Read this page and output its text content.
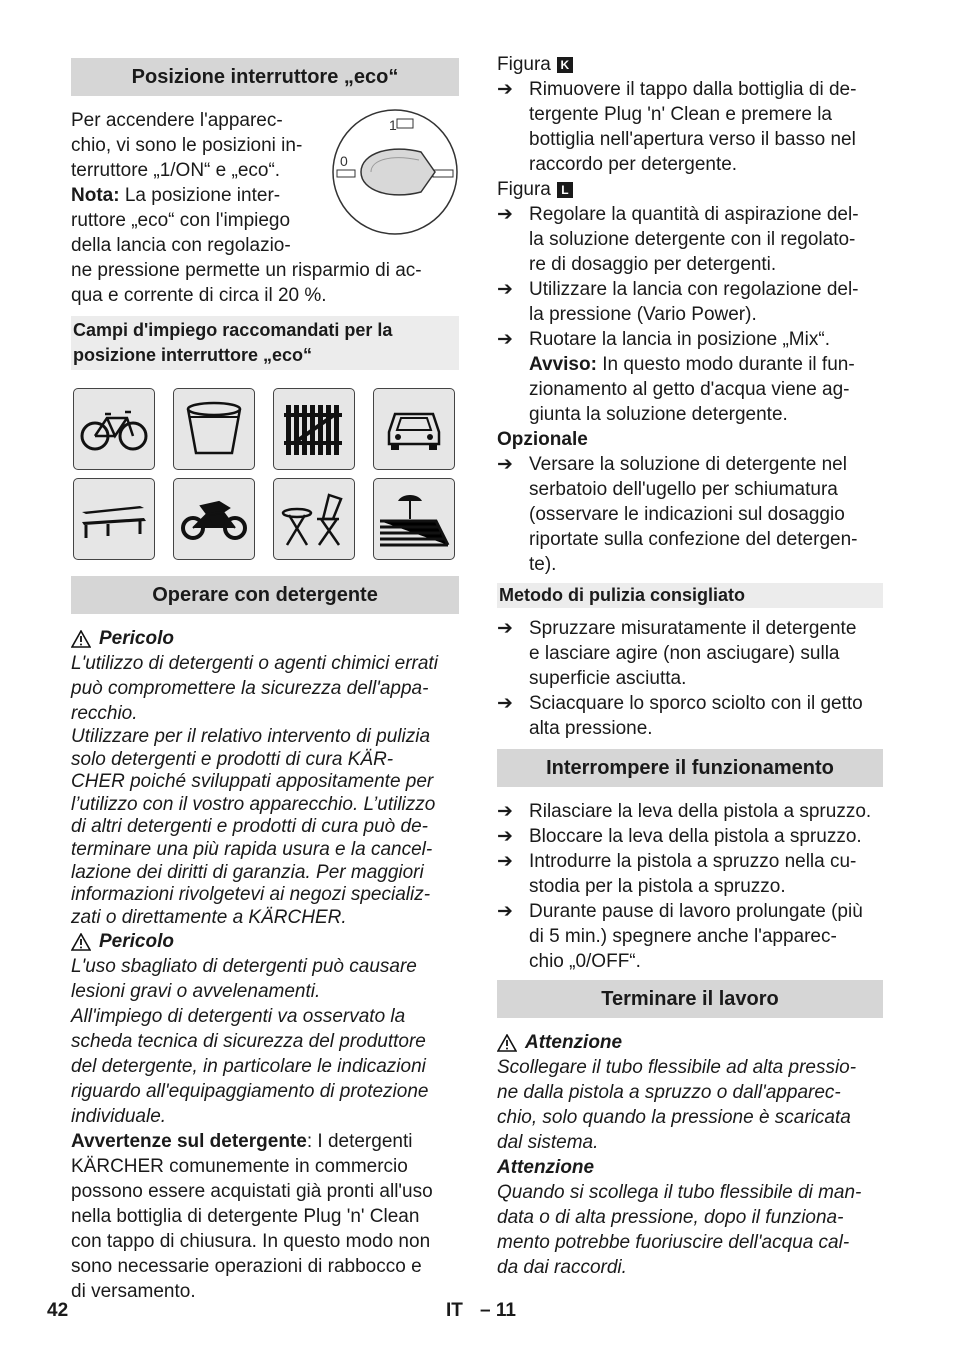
Posizione interruttore „eco“
1
0

Per accendere l'apparec-

chio, vi sono le posizioni in-

terruttore „1/ON“ e „eco“.

Nota: La posizione inter-

ruttore „eco“ con l'impiego

della lancia con regolazio-

ne pressione permette un risparmio di ac-

qua e corrente di circa il 20 %.

Campi d'impiego raccomandati per la
posizione interruttore „eco“
Operare con detergente
Pericolo

L'utilizzo di detergenti o agenti chimici errati

può compromettere la sicurezza dell'appa-

recchio.

Utilizzare per il relativo intervento di pulizia

solo detergenti e prodotti di cura KÄR-

CHER poiché sviluppati appositamente per

l’utilizzo con il vostro apparecchio. L’utilizzo

di altri detergenti e prodotti di cura può de-

terminare una più rapida usura e la cancel-

lazione dei diritti di garanzia. Per maggiori

informazioni rivolgetevi ai negozi specializ-

zati o direttamente a KÄRCHER.

Pericolo

L'uso sbagliato di detergenti può causare

lesioni gravi o avvelenamenti.

All'impiego di detergenti va osservato la

scheda tecnica di sicurezza del produttore

del detergente, in particolare le indicazioni

riguardo all'equipaggiamento di protezione

individuale.

Avvertenze sul detergente: I detergenti

KÄRCHER comunemente in commercio

possono essere acquistati già pronti all'uso

nella bottiglia di detergente Plug 'n' Clean

con tappo di chiusura. In questo modo non

sono necessarie operazioni di rabbocco e

di versamento.

Figura K

➔ Rimuovere il tappo dalla bottiglia di de-
tergente Plug 'n' Clean e premere la
bottiglia nell'apertura verso il basso nel
raccordo per detergente.

Figura L

➔ Regolare la quantità di aspirazione del-
la soluzione detergente con il regolato-
re di dosaggio per detergenti.
➔ Utilizzare la lancia con regolazione del-
la pressione (Vario Power).
➔ Ruotare la lancia in posizione „Mix“.
Avviso: In questo modo durante il fun-
zionamento al getto d'acqua viene ag-
giunta la soluzione detergente.

Opzionale

➔ Versare la soluzione di detergente nel
serbatoio dell'ugello per schiumatura
(osservare le indicazioni sul dosaggio
riportate sulla confezione del detergen-
te).
Metodo di pulizia consigliato
➔ Spruzzare misuratamente il detergente
e lasciare agire (non asciugare) sulla
superficie asciutta.
➔ Sciacquare lo sporco sciolto con il getto
alta pressione.
Interrompere il funzionamento
➔ Rilasciare la leva della pistola a spruzzo.
➔ Bloccare la leva della pistola a spruzzo.
➔ Introdurre la pistola a spruzzo nella cu-
stodia per la pistola a spruzzo.
➔ Durante pause di lavoro prolungate (più
di 5 min.) spegnere anche l'apparec-
chio „0/OFF“.
Terminare il lavoro
Attenzione

Scollegare il tubo flessibile ad alta pressio-

ne dalla pistola a spruzzo o dall'apparec-

chio, solo quando la pressione è scaricata

dal sistema.

Attenzione

Quando si scollega il tubo flessibile di man-

data o di alta pressione, dopo il funziona-

mento potrebbe fuoriuscire dell'acqua cal-

da dai raccordi.

42	IT – 11
